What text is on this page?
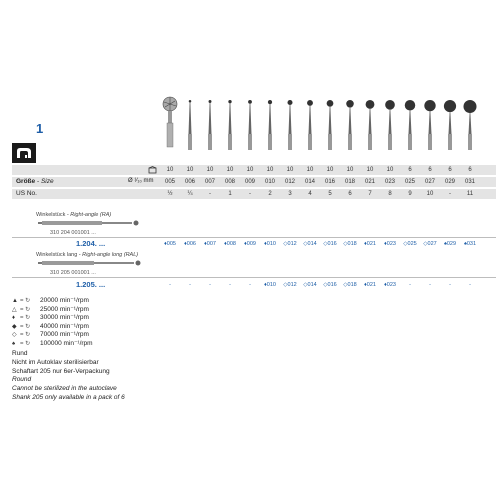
1
10	10	10	10	10	10	10	10	10	10	10	10	6	6	6	6
Größe - Size	Ø ¹⁄₁₀ mm	005	006	007	008	009	010	012	014	016	018	021	023	025	027	029	031
US No.	½	¼	-	1	-	2	3	4	5	6	7	8	9	10	-	11
Winkelstück - Right-angle (RA)
310 204 001001 ...
1.204. ...	♦005	♦006	♦007	♦008	♦009	♦010	◇012	◇014	◇016	◇018	♦021	♦023	◇025	◇027	♠029	♠031
Winkelstück lang - Right-angle long (RAL)
310 205 001001 ...
1.205. ...	-	-	-	-	-	♦010	◇012	◇014	◇016	◇018	♦021	♦023	-	-	-	-
▲ = ↻	20000 min⁻¹/rpm
△ = ↻	25000 min⁻¹/rpm
♦ = ↻	30000 min⁻¹/rpm
◆ = ↻	40000 min⁻¹/rpm
◇ = ↻	70000 min⁻¹/rpm
♠ = ↻	100000 min⁻¹/rpm
Rund
Nicht im Autoklav sterilisierbar
Schaftart 205 nur 6er-Verpackung
Round
Cannot be sterilized in the autoclave
Shank 205 only available in a pack of 6
